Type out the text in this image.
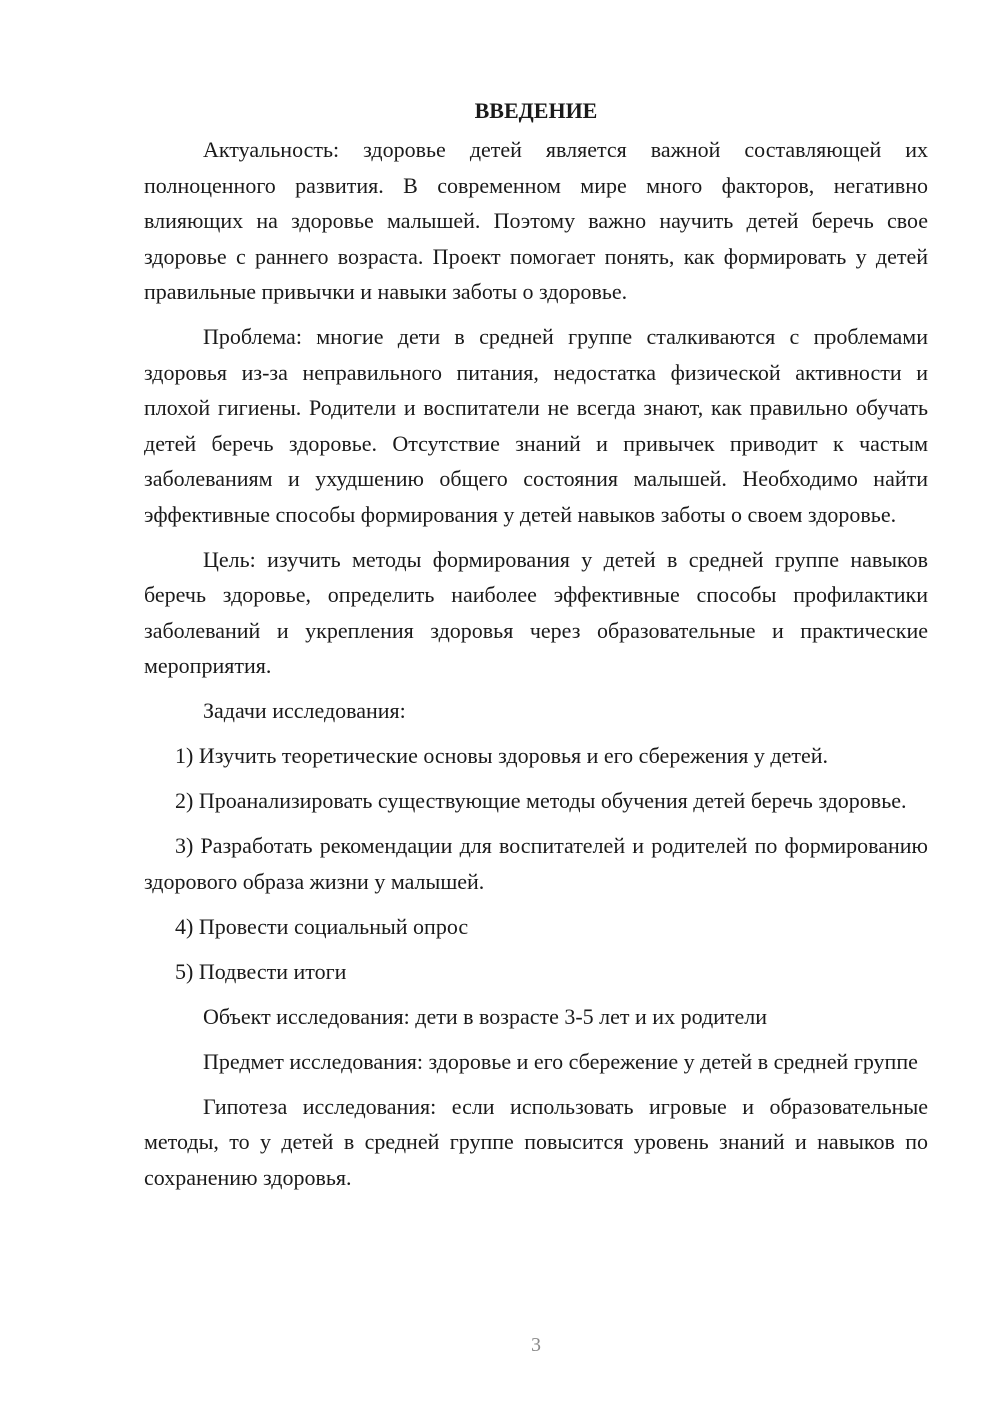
ВВЕДЕНИЕ

Актуальность: здоровье детей является важной составляющей их полноценного развития. В современном мире много факторов, негативно влияющих на здоровье малышей. Поэтому важно научить детей беречь свое здоровье с раннего возраста. Проект помогает понять, как формировать у детей правильные привычки и навыки заботы о здоровье.

Проблема: многие дети в средней группе сталкиваются с проблемами здоровья из-за неправильного питания, недостатка физической активности и плохой гигиены. Родители и воспитатели не всегда знают, как правильно обучать детей беречь здоровье. Отсутствие знаний и привычек приводит к частым заболеваниям и ухудшению общего состояния малышей. Необходимо найти эффективные способы формирования у детей навыков заботы о своем здоровье.

Цель: изучить методы формирования у детей в средней группе навыков беречь здоровье, определить наиболее эффективные способы профилактики заболеваний и укрепления здоровья через образовательные и практические мероприятия.

Задачи исследования:

1) Изучить теоретические основы здоровья и его сбережения у детей.

2) Проанализировать существующие методы обучения детей беречь здоровье.

3) Разработать рекомендации для воспитателей и родителей по формированию здорового образа жизни у малышей.

4) Провести социальный опрос

5) Подвести итоги

Объект исследования: дети в возрасте 3-5 лет и их родители

Предмет исследования: здоровье и его сбережение у детей в средней группе

Гипотеза исследования: если использовать игровые и образовательные методы, то у детей в средней группе повысится уровень знаний и навыков по сохранению здоровья.

3
